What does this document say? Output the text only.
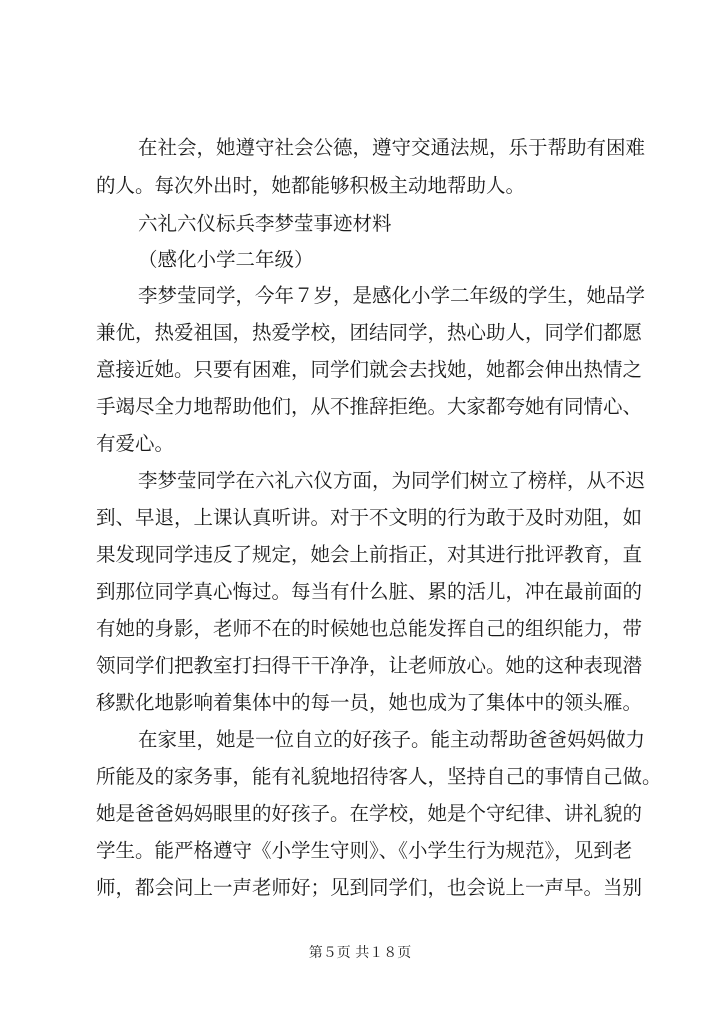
在社会，她遵守社会公德，遵守交通法规，乐于帮助有困难
的人。每次外出时，她都能够积极主动地帮助人。
六礼六仪标兵李梦莹事迹材料
（感化小学二年级）
李梦莹同学，今年７岁，是感化小学二年级的学生，她品学
兼优，热爱祖国，热爱学校，团结同学，热心助人，同学们都愿
意接近她。只要有困难，同学们就会去找她，她都会伸出热情之
手竭尽全力地帮助他们，从不推辞拒绝。大家都夸她有同情心、
有爱心。
李梦莹同学在六礼六仪方面，为同学们树立了榜样，从不迟
到、早退，上课认真听讲。对于不文明的行为敢于及时劝阻，如
果发现同学违反了规定，她会上前指正，对其进行批评教育，直
到那位同学真心悔过。每当有什么脏、累的活儿，冲在最前面的
有她的身影，老师不在的时候她也总能发挥自己的组织能力，带
领同学们把教室打扫得干干净净，让老师放心。她的这种表现潜
移默化地影响着集体中的每一员，她也成为了集体中的领头雁。
在家里，她是一位自立的好孩子。能主动帮助爸爸妈妈做力
所能及的家务事，能有礼貌地招待客人，坚持自己的事情自己做。
她是爸爸妈妈眼里的好孩子。在学校，她是个守纪律、讲礼貌的
学生。能严格遵守《小学生守则》、《小学生行为规范》，见到老
师，都会问上一声老师好；见到同学们，也会说上一声早。当别
第５页 共１８页
